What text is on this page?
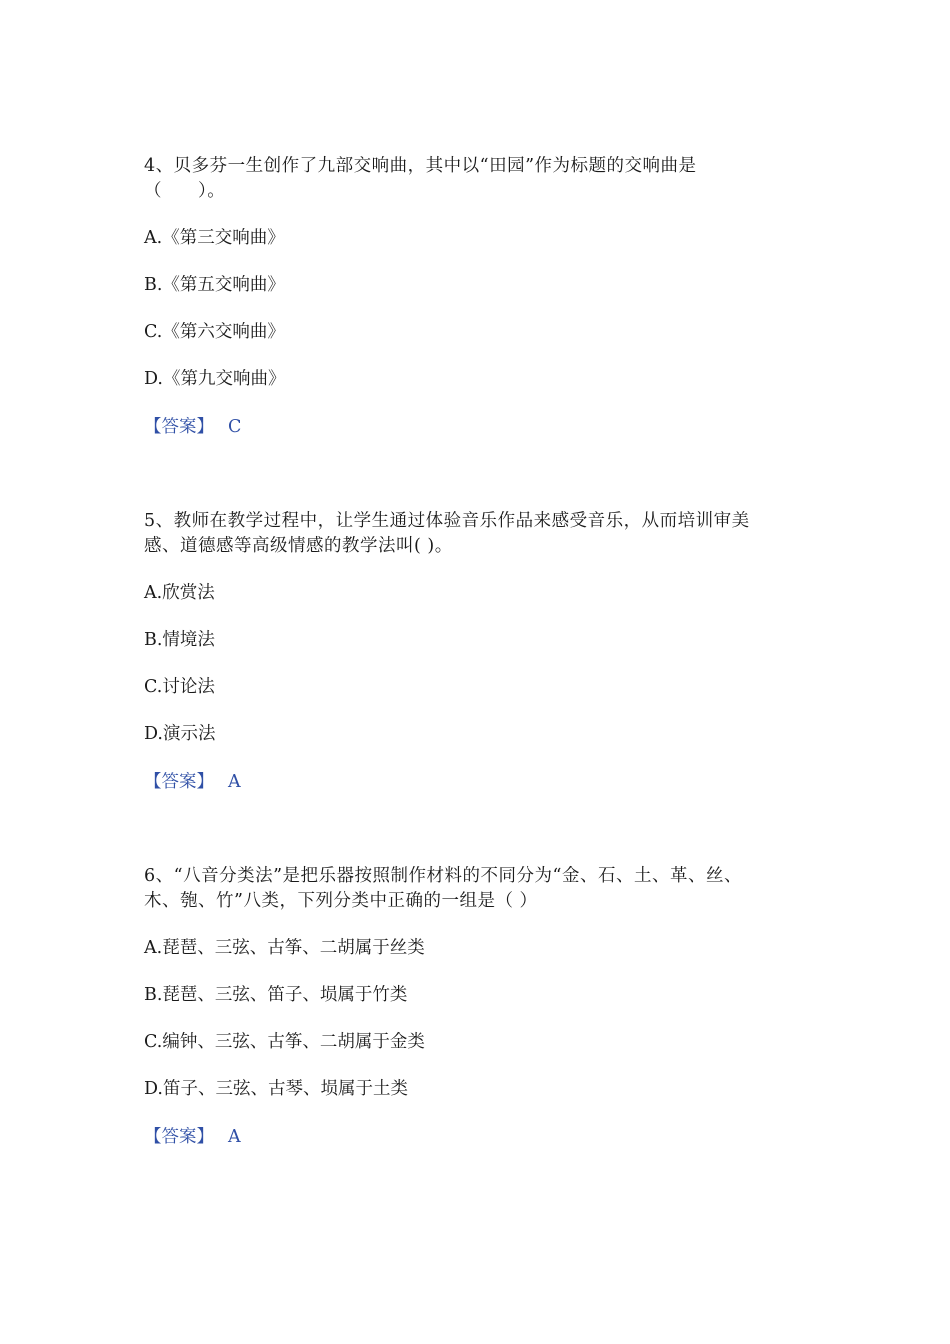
4、贝多芬一生创作了九部交响曲，其中以“田园”作为标题的交响曲是
（　　）。

A.《第三交响曲》

B.《第五交响曲》

C.《第六交响曲》

D.《第九交响曲》

【答案】 C

5、教师在教学过程中，让学生通过体验音乐作品来感受音乐，从而培训审美
感、道德感等高级情感的教学法叫( )。

A.欣赏法

B.情境法

C.讨论法

D.演示法

【答案】 A

6、“八音分类法”是把乐器按照制作材料的不同分为“金、石、土、革、丝、
木、匏、竹”八类，下列分类中正确的一组是（ ）

A.琵琶、三弦、古筝、二胡属于丝类

B.琵琶、三弦、笛子、埙属于竹类

C.编钟、三弦、古筝、二胡属于金类

D.笛子、三弦、古琴、埙属于土类

【答案】 A
